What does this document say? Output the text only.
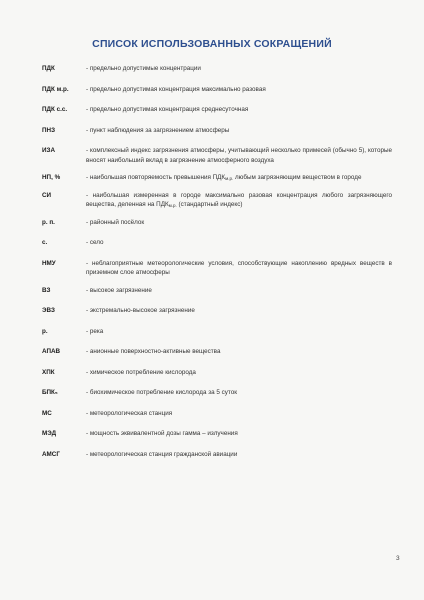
СПИСОК ИСПОЛЬЗОВАННЫХ СОКРАЩЕНИЙ
ПДК	- предельно допустимые концентрации
ПДК м.р.	- предельно допустимая концентрация максимально разовая
ПДК с.с.	- предельно допустимая концентрация среднесуточная
ПНЗ	- пункт наблюдения за загрязнением атмосферы
ИЗА	- комплексный индекс загрязнения атмосферы, учитывающий несколько примесей (обычно 5), которые вносят наибольший вклад в загрязнение атмосферного воздуха
НП, %	- наибольшая повторяемость превышения $ПДК_{м.р.}$ любым загрязняющим веществом в городе
СИ	- наибольшая измеренная в городе максимально разовая концентрация любого загрязняющего вещества, деленная на $ПДК_{м.р.}$ (стандартный индекс)
р. п.	- районный посёлок
с.	- село
НМУ	- неблагоприятные метеорологические условия, способствующие накоплению вредных веществ в приземном слое атмосферы
ВЗ	- высокое загрязнение
ЭВЗ	- экстремально-высокое загрязнение
р.	- река
АПАВ	- анионные поверхностно-активные вещества
ХПК	- химическое потребление кислорода
БПК₅	- биохимическое потребление кислорода за 5 суток
МС	- метеорологическая станция
МЭД	- мощность эквивалентной дозы гамма – излучения
АМСГ	- метеорологическая станция гражданской авиации
3
